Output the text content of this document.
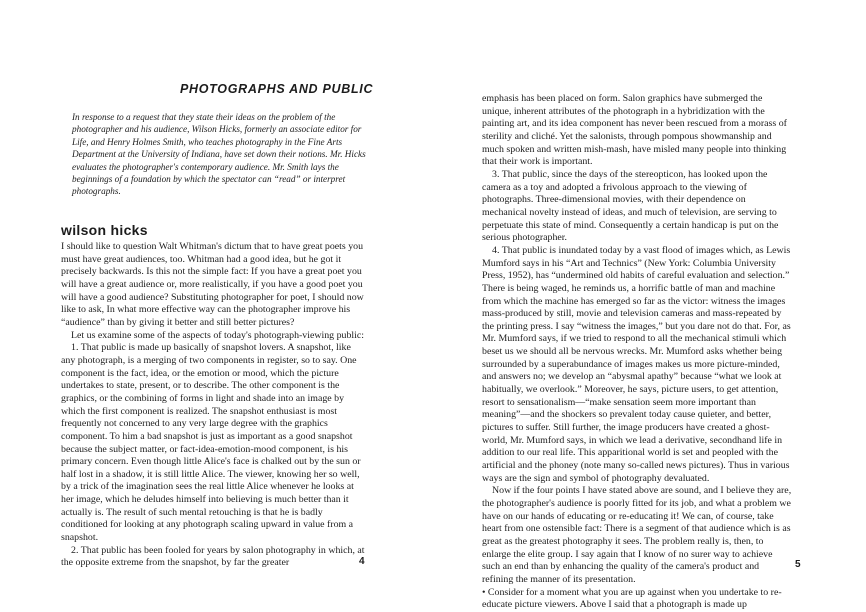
PHOTOGRAPHS AND PUBLIC
In response to a request that they state their ideas on the problem of the photographer and his audience, Wilson Hicks, formerly an associate editor for Life, and Henry Holmes Smith, who teaches photography in the Fine Arts Department at the University of Indiana, have set down their notions. Mr. Hicks evaluates the photographer's contemporary audience. Mr. Smith lays the beginnings of a foundation by which the spectator can “read” or interpret photographs.
wilson hicks

I should like to question Walt Whitman's dictum that to have great poets you must have great audiences, too. Whitman had a good idea, but he got it precisely backwards. Is this not the simple fact: If you have a great poet you will have a great audience or, more realistically, if you have a good poet you will have a good audience? Substituting photographer for poet, I should now like to ask, In what more effective way can the photographer improve his “audience” than by giving it better and still better pictures?

Let us examine some of the aspects of today's photograph-viewing public:

1. That public is made up basically of snapshot lovers. A snapshot, like any photograph, is a merging of two components in register, so to say. One component is the fact, idea, or the emotion or mood, which the picture undertakes to state, present, or to describe. The other component is the graphics, or the combining of forms in light and shade into an image by which the first component is realized. The snapshot enthusiast is most frequently not concerned to any very large degree with the graphics component. To him a bad snapshot is just as important as a good snapshot because the subject matter, or fact-idea-emotion-mood component, is his primary concern. Even though little Alice's face is chalked out by the sun or half lost in a shadow, it is still little Alice. The viewer, knowing her so well, by a trick of the imagination sees the real little Alice whenever he looks at her image, which he deludes himself into believing is much better than it actually is. The result of such mental retouching is that he is badly conditioned for looking at any photograph scaling upward in value from a snapshot.

2. That public has been fooled for years by salon photography in which, at the opposite extreme from the snapshot, by far the greater	4

emphasis has been placed on form. Salon graphics have submerged the unique, inherent attributes of the photograph in a hybridization with the painting art, and its idea component has never been rescued from a morass of sterility and cliché. Yet the salonists, through pompous showmanship and much spoken and written mish-mash, have misled many people into thinking that their work is important.

3. That public, since the days of the stereopticon, has looked upon the camera as a toy and adopted a frivolous approach to the viewing of photographs. Three-dimensional movies, with their dependence on mechanical novelty instead of ideas, and much of television, are serving to perpetuate this state of mind. Consequently a certain handicap is put on the serious photographer.

4. That public is inundated today by a vast flood of images which, as Lewis Mumford says in his “Art and Technics” (New York: Columbia University Press, 1952), has “undermined old habits of careful evaluation and selection.” There is being waged, he reminds us, a horrific battle of man and machine from which the machine has emerged so far as the victor: witness the images mass-produced by still, movie and television cameras and mass-repeated by the printing press. I say “witness the images,” but you dare not do that. For, as Mr. Mumford says, if we tried to respond to all the mechanical stimuli which beset us we should all be nervous wrecks. Mr. Mumford asks whether being surrounded by a superabundance of images makes us more picture-minded, and answers no; we develop an “abysmal apathy” because “what we look at habitually, we overlook.” Moreover, he says, picture users, to get attention, resort to sensationalism—“make sensation seem more important than meaning”—and the shockers so prevalent today cause quieter, and better, pictures to suffer. Still further, the image producers have created a ghost-world, Mr. Mumford says, in which we lead a derivative, secondhand life in addition to our real life. This apparitional world is set and peopled with the artificial and the phoney (note many so-called news pictures). Thus in various ways are the sign and symbol of photography devaluated.

Now if the four points I have stated above are sound, and I believe they are, the photographer's audience is poorly fitted for its job, and what a problem we have on our hands of educating or re-educating it! We can, of course, take heart from one ostensible fact: There is a segment of that audience which is as great as the greatest photography it sees. The problem really is, then, to enlarge the elite group. I say again that I know of no surer way to achieve such an end than by enhancing the quality of the camera's product and refining the manner of its presentation.

• Consider for a moment what you are up against when you undertake to re-educate picture viewers. Above I said that a photograph is made up

5
